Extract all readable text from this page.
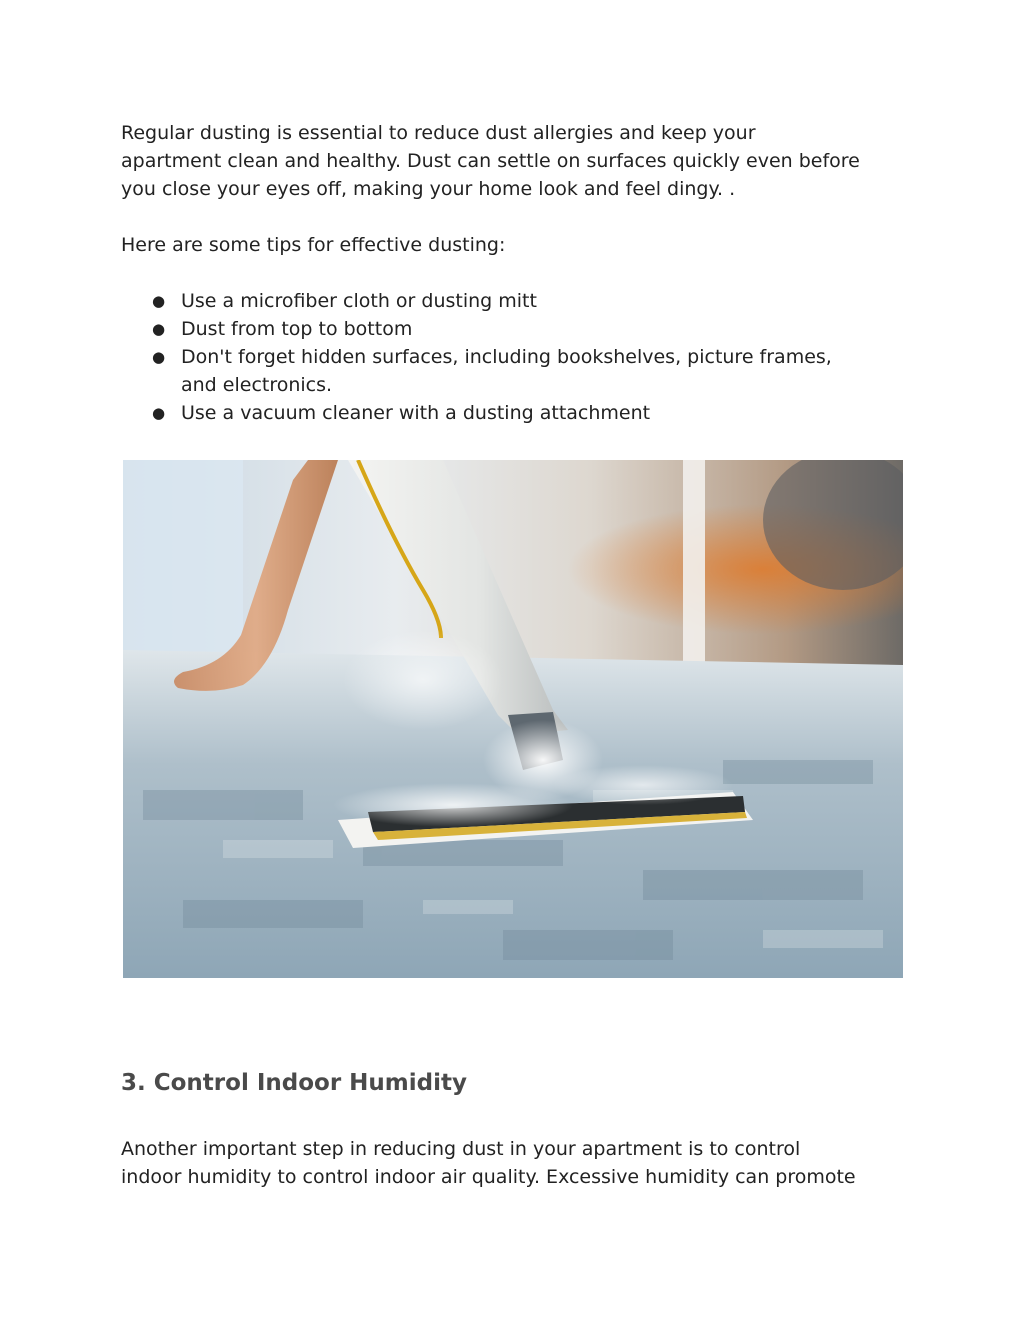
Regular dusting is essential to reduce dust allergies and keep your
apartment clean and healthy. Dust can settle on surfaces quickly even before
you close your eyes off, making your home look and feel dingy. .

Here are some tips for effective dusting:

● Use a microfiber cloth or dusting mitt
● Dust from top to bottom
● Don't forget hidden surfaces, including bookshelves, picture frames,
and electronics.
● Use a vacuum cleaner with a dusting attachment
3. Control Indoor Humidity

Another important step in reducing dust in your apartment is to control
indoor humidity to control indoor air quality. Excessive humidity can promote
